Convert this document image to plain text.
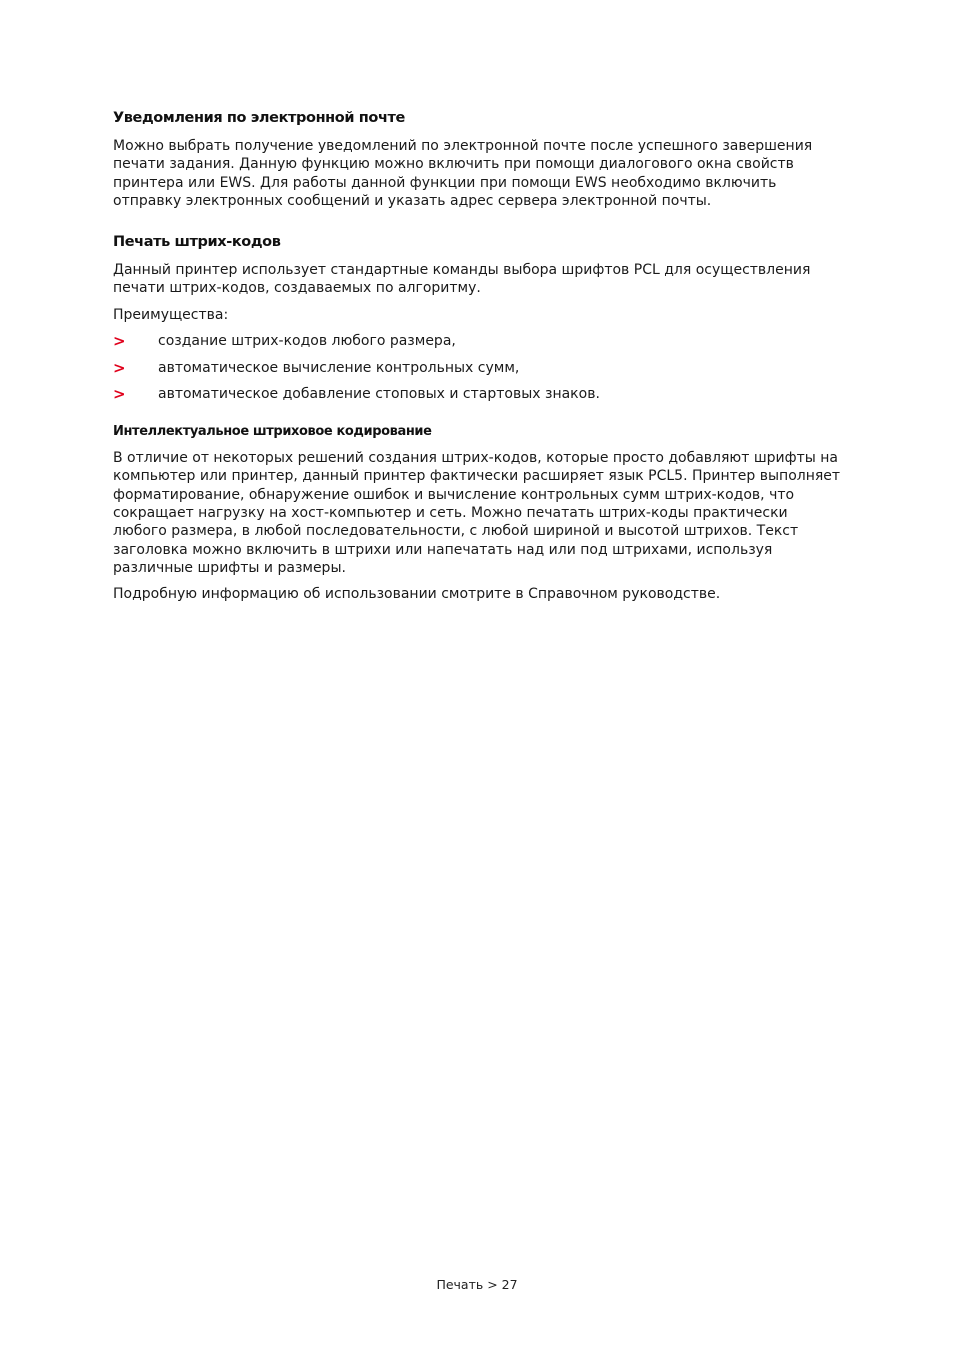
Уведомления по электронной почте

Можно выбрать получение уведомлений по электронной почте после успешного завершения печати задания. Данную функцию можно включить при помощи диалогового окна свойств принтера или EWS. Для работы данной функции при помощи EWS необходимо включить отправку электронных сообщений и указать адрес сервера электронной почты.

Печать штрих-кодов

Данный принтер использует стандартные команды выбора шрифтов PCL для осуществления печати штрих-кодов, создаваемых по алгоритму.

Преимущества:

> создание штрих-кодов любого размера,
> автоматическое вычисление контрольных сумм,
> автоматическое добавление стоповых и стартовых знаков.
Интеллектуальное штриховое кодирование

В отличие от некоторых решений создания штрих-кодов, которые просто добавляют шрифты на компьютер или принтер, данный принтер фактически расширяет язык PCL5. Принтер выполняет форматирование, обнаружение ошибок и вычисление контрольных сумм штрих-кодов, что сокращает нагрузку на хост-компьютер и сеть. Можно печатать штрих-коды практически любого размера, в любой последовательности, с любой шириной и высотой штрихов. Текст заголовка можно включить в штрихи или напечатать над или под штрихами, используя различные шрифты и размеры.

Подробную информацию об использовании смотрите в Справочном руководстве.

Печать > 27
